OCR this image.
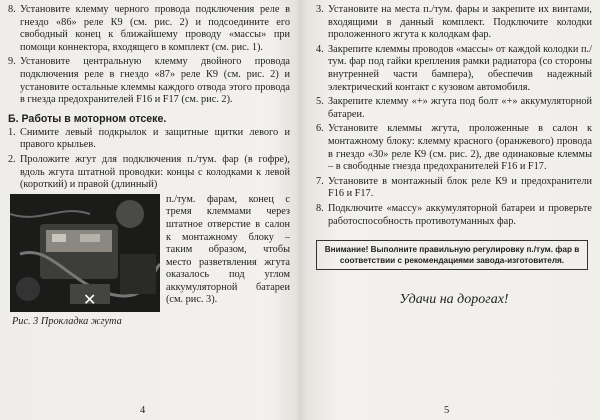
8. Установите клемму черного провода подключения реле в гнездо «86» реле К9 (см. рис. 2) и подсоедините его свободный конец к ближайшему проводу «массы» при помощи коннектора, входящего в комплект (см. рис. 1).
9. Установите центральную клемму двойного провода подключения реле в гнездо «87» реле К9 (см. рис. 2) и установите остальные клеммы каждого отвода этого провода в гнезда предохранителей F16 и F17 (см. рис. 2).
Б. Работы в моторном отсеке.
1. Снимите левый подкрылок и защитные щитки левого и правого крыльев.
2. Проложите жгут для подключения п./тум. фар (в гофре), вдоль жгута штатной проводки: концы с колодками к левой (короткий) и правой (длинный)
✕
п./тум. фарам, конец с тремя клеммами через штатное отверстие в салон к монтажному блоку – таким образом, чтобы место разветвления жгута оказалось под углом аккумуляторной батареи (см. рис. 3).
Рис. 3 Прокладка жгута
4
3. Установите на места п./тум. фары и закрепите их винтами, входящими в данный комплект. Подключите колодки проложенного жгута к колодкам фар.
4. Закрепите клеммы проводов «массы» от каждой колодки п./тум. фар под гайки крепления рамки радиатора (со стороны внутренней части бампера), обеспечив надежный электрический контакт с кузовом автомобиля.
5. Закрепите клемму «+» жгута под болт «+» аккумуляторной батареи.
6. Установите клеммы жгута, проложенные в салон к монтажному блоку: клемму красного (оранжевого) провода в гнездо «30» реле К9 (см. рис. 2), две одинаковые клеммы – в свободные гнезда предохранителей F16 и F17.
7. Установите в монтажный блок реле К9 и предохранители F16 и F17.
8. Подключите «массу» аккумуляторной батареи и проверьте работоспособность противотуманных фар.
Внимание! Выполните правильную регулировку п./тум. фар в соответствии с рекомендациями завода-изготовителя.
Удачи на дорогах!
5
